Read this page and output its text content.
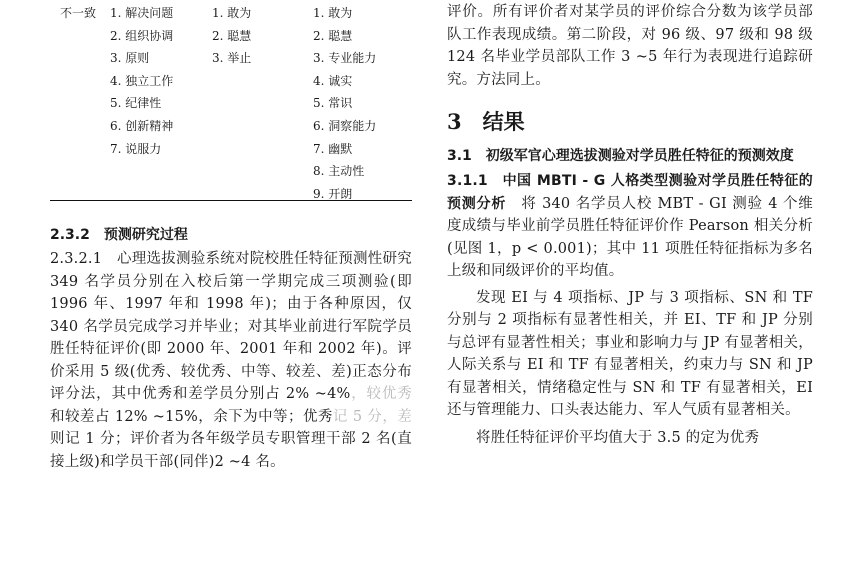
不一致 1. 解决问题
2. 组织协调
3. 原则
4. 独立工作
5. 纪律性
6. 创新精神
7. 说服力
1. 敢为
2. 聪慧
3. 举止
1. 敢为
2. 聪慧
3. 专业能力
4. 诚实
5. 常识
6. 洞察能力
7. 幽默
8. 主动性
9. 开朗
2.3.2　预测研究过程

2.3.2.1　心理选拔测验系统对院校胜任特征预测性研究　349 名学员分别在入校后第一学期完成三项测验(即 1996 年、1997 年和 1998 年)；由于各种原因，仅 340 名学员完成学习并毕业；对其毕业前进行军院学员胜任特征评价(即 2000 年、2001 年和 2002 年)。评价采用 5 级(优秀、较优秀、中等、较差、差)正态分布评分法，其中优秀和差学员分别占 2% ~4%，较优秀和较差占 12% ~15%，余下为中等；优秀记 5 分，差则记 1 分；评价者为各年级学员专职管理干部 2 名(直接上级)和学员干部(同伴)2 ~4 名。

评价。所有评价者对某学员的评价综合分数为该学员部队工作表现成绩。第二阶段，对 96 级、97 级和 98 级 124 名毕业学员部队工作 3 ~5 年行为表现进行追踪研究。方法同上。

3　结果
3.1　初级军官心理选拔测验对学员胜任特征的预测效度

3.1.1　中国 MBTI - G 人格类型测验对学员胜任特征的预测分析　将 340 名学员人校 MBT - GI 测验 4 个维度成绩与毕业前学员胜任特征评价作 Pearson 相关分析(见图 1，p < 0.001)；其中 11 项胜任特征指标为多名上级和同级评价的平均值。

发现 EI 与 4 项指标、JP 与 3 项指标、SN 和 TF 分别与 2 项指标有显著性相关，并 EI、TF 和 JP 分别与总评有显著性相关；事业和影响力与 JP 有显著相关，人际关系与 EI 和 TF 有显著相关，约束力与 SN 和 JP 有显著相关，情绪稳定性与 SN 和 TF 有显著相关，EI 还与管理能力、口头表达能力、军人气质有显著相关。

将胜任特征评价平均值大于 3.5 的定为优秀
